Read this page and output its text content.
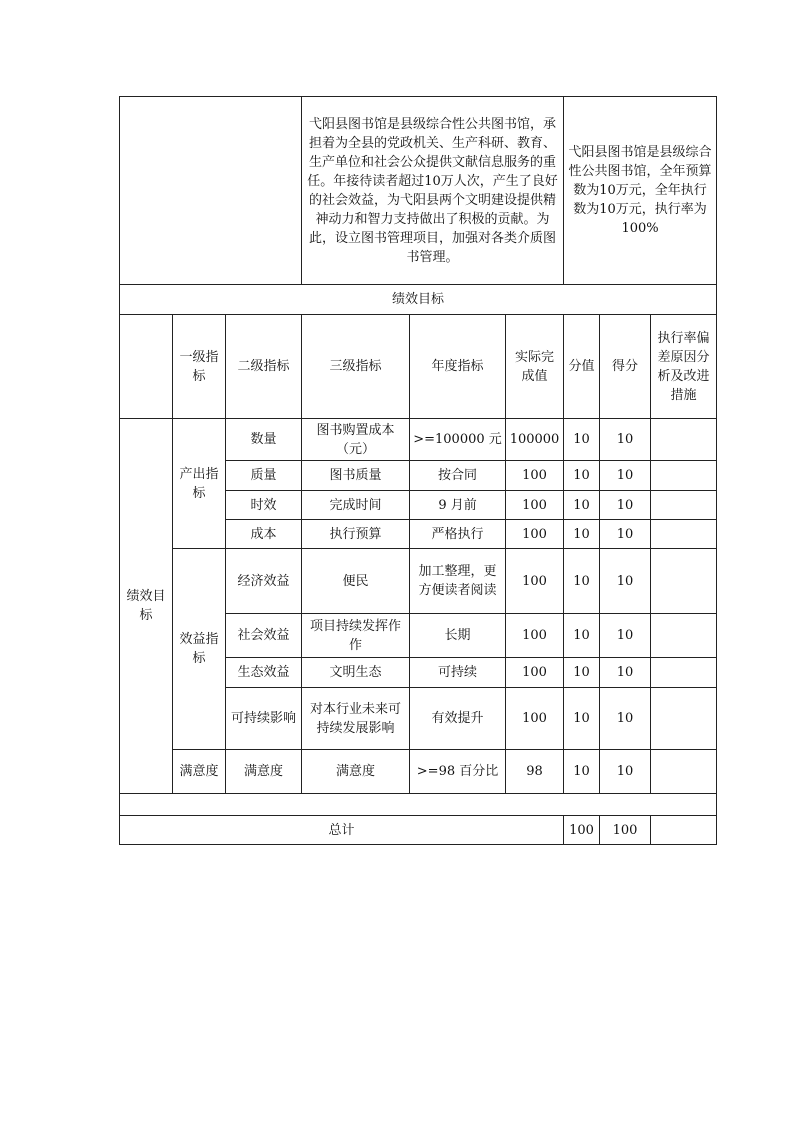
			弋阳县图书馆是县级综合性公共图书馆，承担着为全县的党政机关、生产科研、教育、生产单位和社会公众提供文献信息服务的重任。年接待读者超过10万人次，产生了良好的社会效益，为弋阳县两个文明建设提供精神动力和智力支持做出了积极的贡献。为此，设立图书管理项目，加强对各类介质图书管理。			弋阳县图书馆是县级综合性公共图书馆，全年预算数为10万元，全年执行数为10万元，执行率为100%		
绩效目标								
	一级指标	二级指标	三级指标	年度指标	实际完成值	分值	得分	执行率偏差原因分析及改进措施
绩效目标	产出指标	数量	图书购置成本（元）	>=100000 元	100000	10	10	
		质量	图书质量	按合同	100	10	10	
		时效	完成时间	9 月前	100	10	10	
		成本	执行预算	严格执行	100	10	10	
	效益指标	经济效益	便民	加工整理，更方便读者阅读	100	10	10	
		社会效益	项目持续发挥作作	长期	100	10	10	
		生态效益	文明生态	可持续	100	10	10	
		可持续影响	对本行业未来可持续发展影响	有效提升	100	10	10	
	满意度	满意度	满意度	>=98 百分比	98	10	10	

总计						100	100	
